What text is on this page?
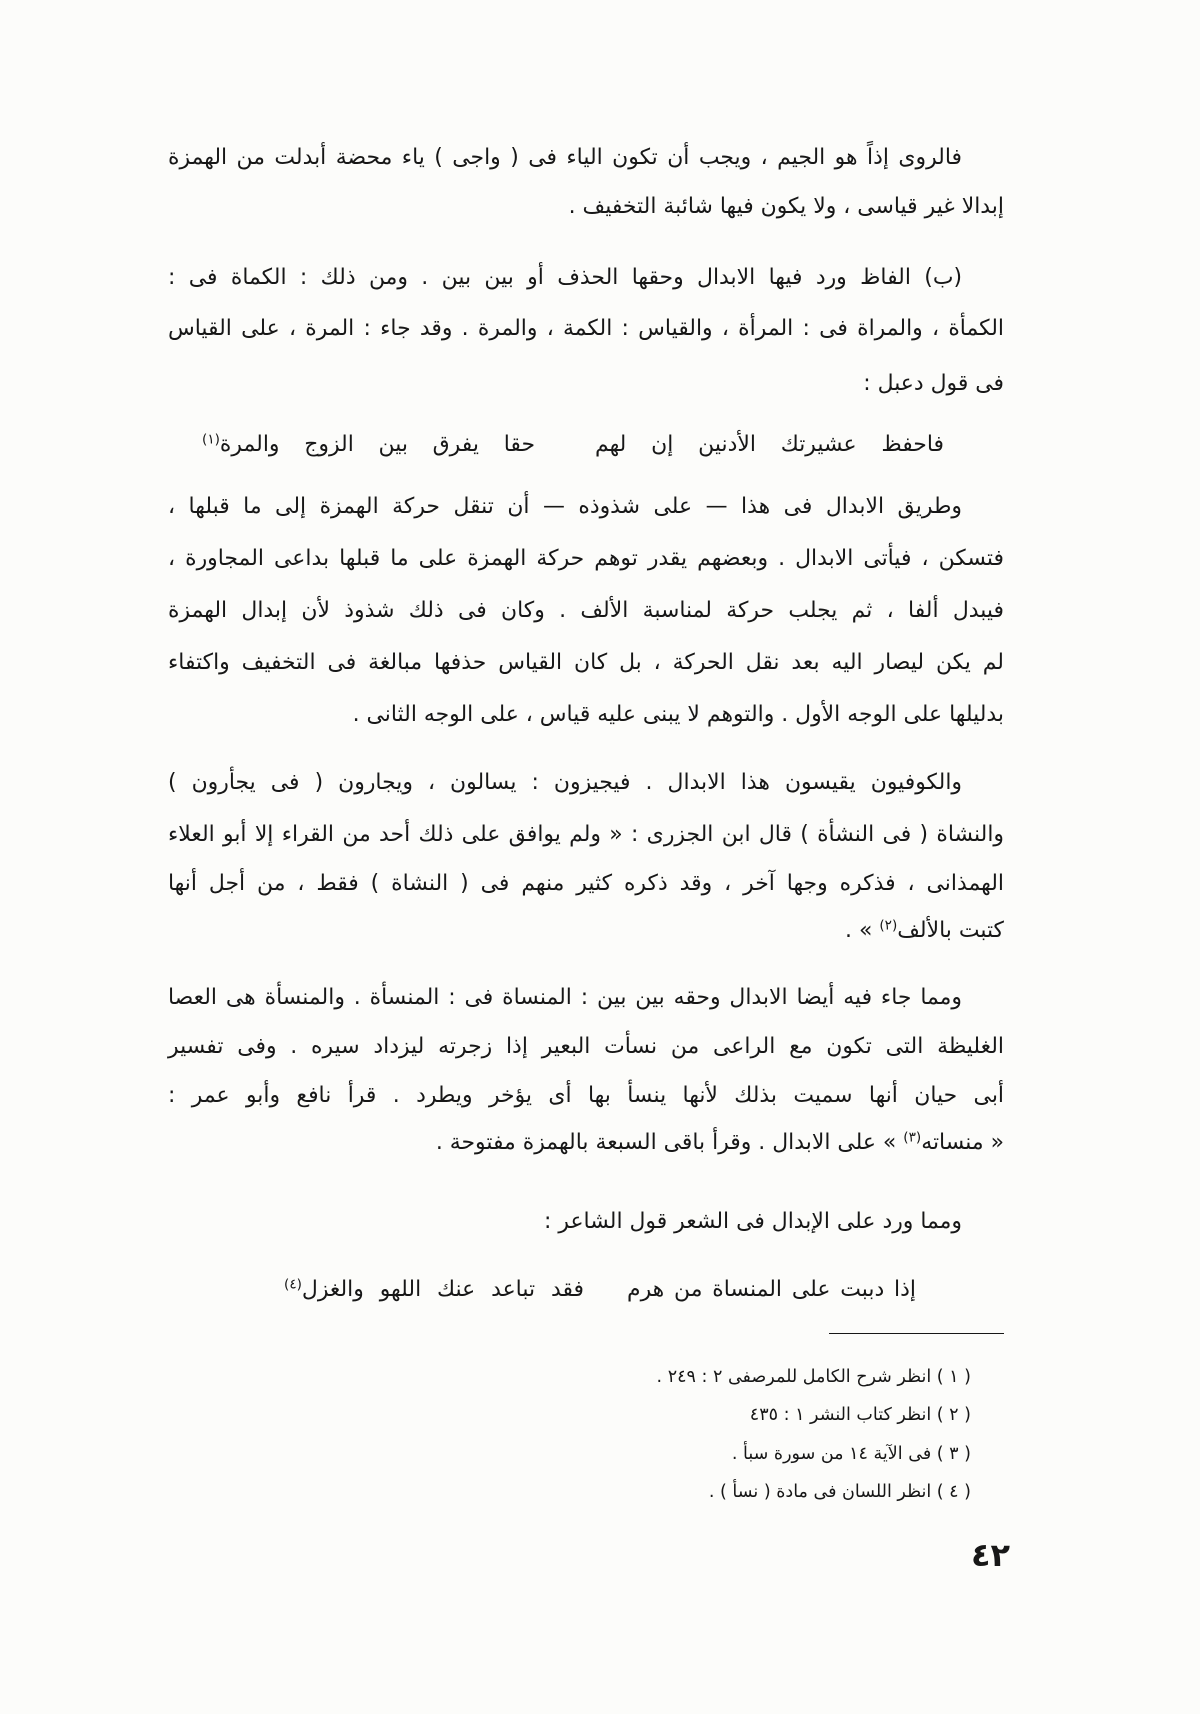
فالروى إذاً هو الجيم ، ويجب أن تكون الياء فى ( واجى ) ياء محضة أبدلت من الهمزة
إبدالا غير قياسى ، ولا يكون فيها شائبة التخفيف .
(ب) الفاظ ورد فيها الابدال وحقها الحذف أو بين بين . ومن ذلك : الكماة فى :
الكمأة ، والمراة فى : المرأة ، والقياس : الكمة ، والمرة . وقد جاء : المرة ، على القياس
فى قول دعبل :
فاحفظ عشيرتك الأدنين إن لهم
حقا يفرق بين الزوج والمرة$^{(١)}$
وطريق الابدال فى هذا — على شذوذه — أن تنقل حركة الهمزة إلى ما قبلها ،
فتسكن ، فيأتى الابدال . وبعضهم يقدر توهم حركة الهمزة على ما قبلها بداعى المجاورة ،
فيبدل ألفا ، ثم يجلب حركة لمناسبة الألف . وكان فى ذلك شذوذ لأن إبدال الهمزة
لم يكن ليصار اليه بعد نقل الحركة ، بل كان القياس حذفها مبالغة فى التخفيف واكتفاء
بدليلها على الوجه الأول . والتوهم لا يبنى عليه قياس ، على الوجه الثانى .
والكوفيون يقيسون هذا الابدال . فيجيزون : يسالون ، ويجارون ( فى يجأرون )
والنشاة ( فى النشأة ) قال ابن الجزرى : « ولم يوافق على ذلك أحد من القراء إلا أبو العلاء
الهمذانى ، فذكره وجها آخر ، وقد ذكره كثير منهم فى ( النشاة ) فقط ، من أجل أنها
كتبت بالألف$^{(٢)}$ » .
ومما جاء فيه أيضا الابدال وحقه بين بين : المنساة فى : المنسأة . والمنسأة هى العصا
الغليظة التى تكون مع الراعى من نسأت البعير إذا زجرته ليزداد سيره . وفى تفسير
أبى حيان أنها سميت بذلك لأنها ينسأ بها أى يؤخر ويطرد . قرأ نافع وأبو عمر :
« منساته$^{(٣)}$ » على الابدال . وقرأ باقى السبعة بالهمزة مفتوحة .
ومما ورد على الإبدال فى الشعر قول الشاعر :
إذا دببت على المنساة من هرم
فقد تباعد عنك اللهو والغزل$^{(٤)}$
( ١ ) انظر شرح الكامل للمرصفى ٢ : ٢٤٩ .
( ٢ ) انظر كتاب النشر ١ : ٤٣٥
( ٣ ) فى الآية ١٤ من سورة سبأ .
( ٤ ) انظر اللسان فى مادة ( نسأ ) .
٤٢
